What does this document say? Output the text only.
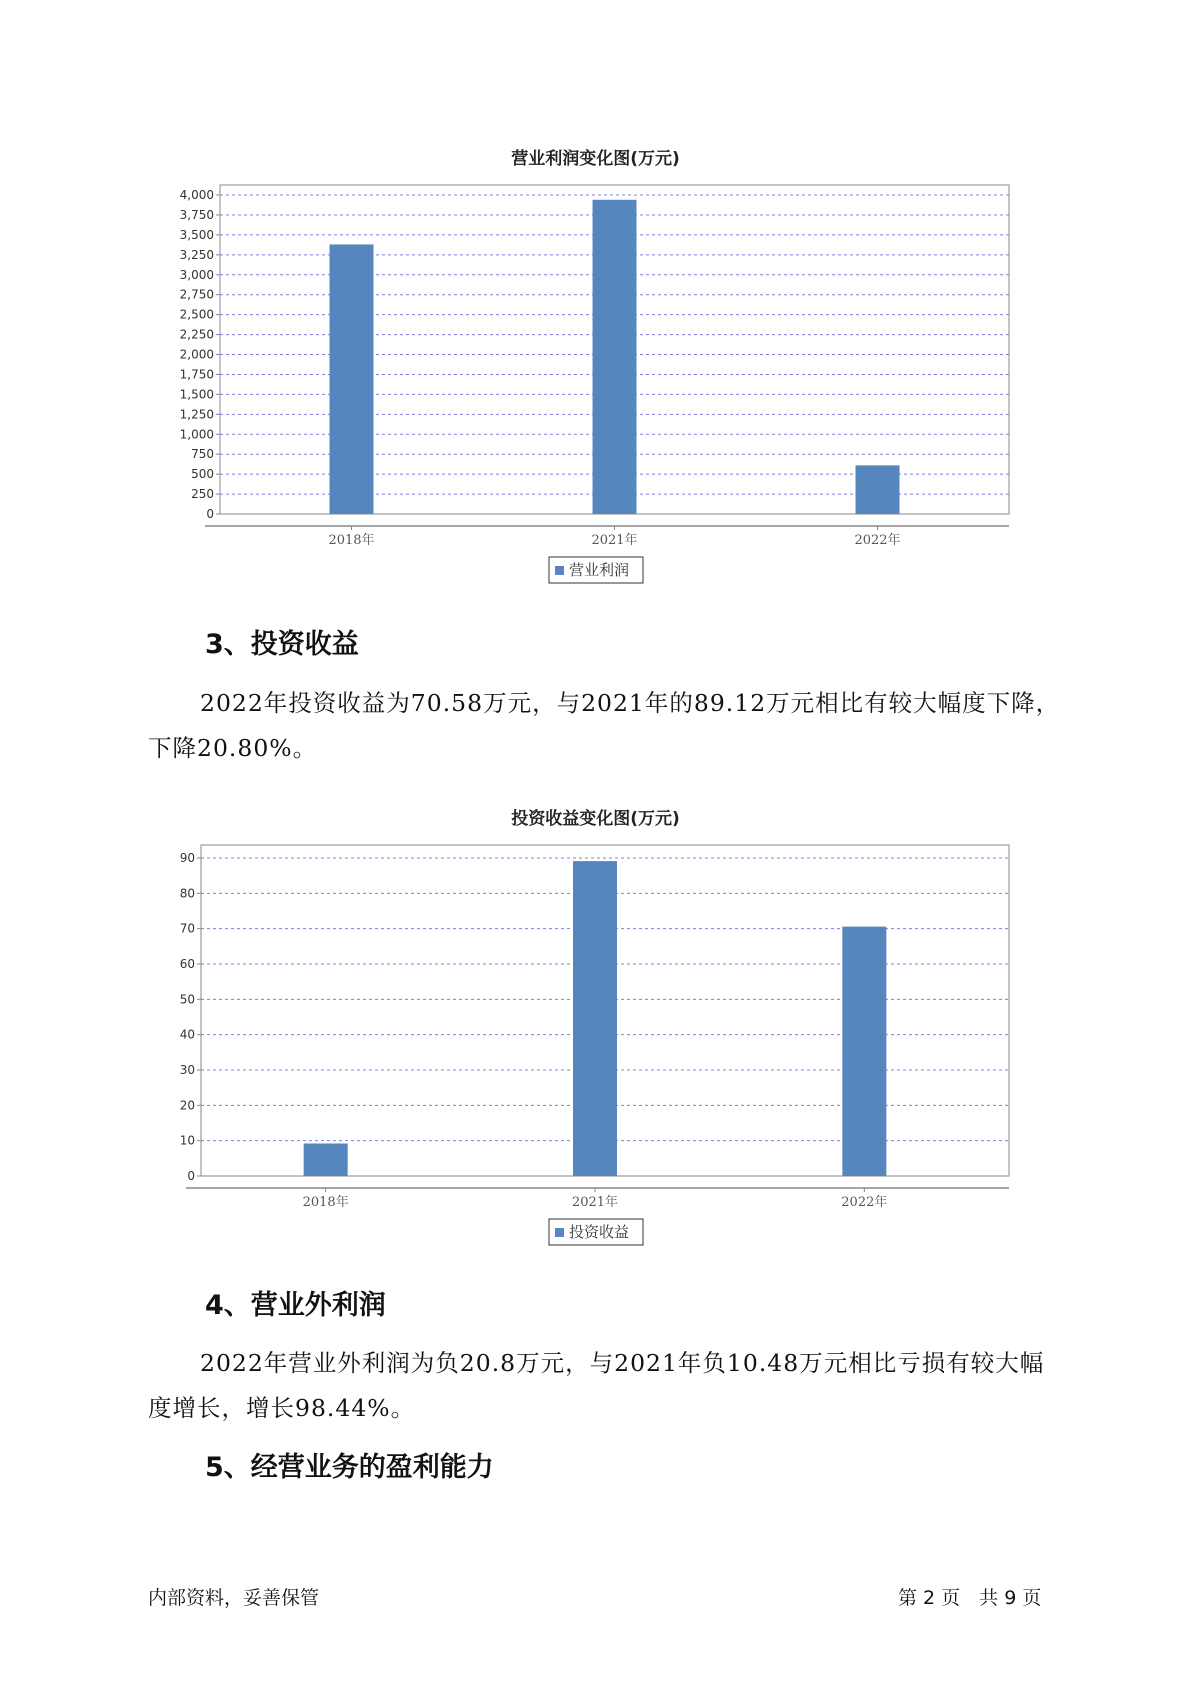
营业利润变化图(万元)
0
250
500
750
1,000
1,250
1,500
1,750
2,000
2,250
2,500
2,750
3,000
3,250
3,500
3,750
4,000
2018年	2021年	2022年
营业利润
3、投资收益
2022年投资收益为70.58万元，与2021年的89.12万元相比有较大幅度下降，下降20.80%。
投资收益变化图(万元)
0
10
20
30
40
50
60
70
80
90
2018年	2021年	2022年
投资收益
4、营业外利润
2022年营业外利润为负20.8万元，与2021年负10.48万元相比亏损有较大幅度增长，增长98.44%。
5、经营业务的盈利能力
内部资料，妥善保管	第 2 页　共 9 页
